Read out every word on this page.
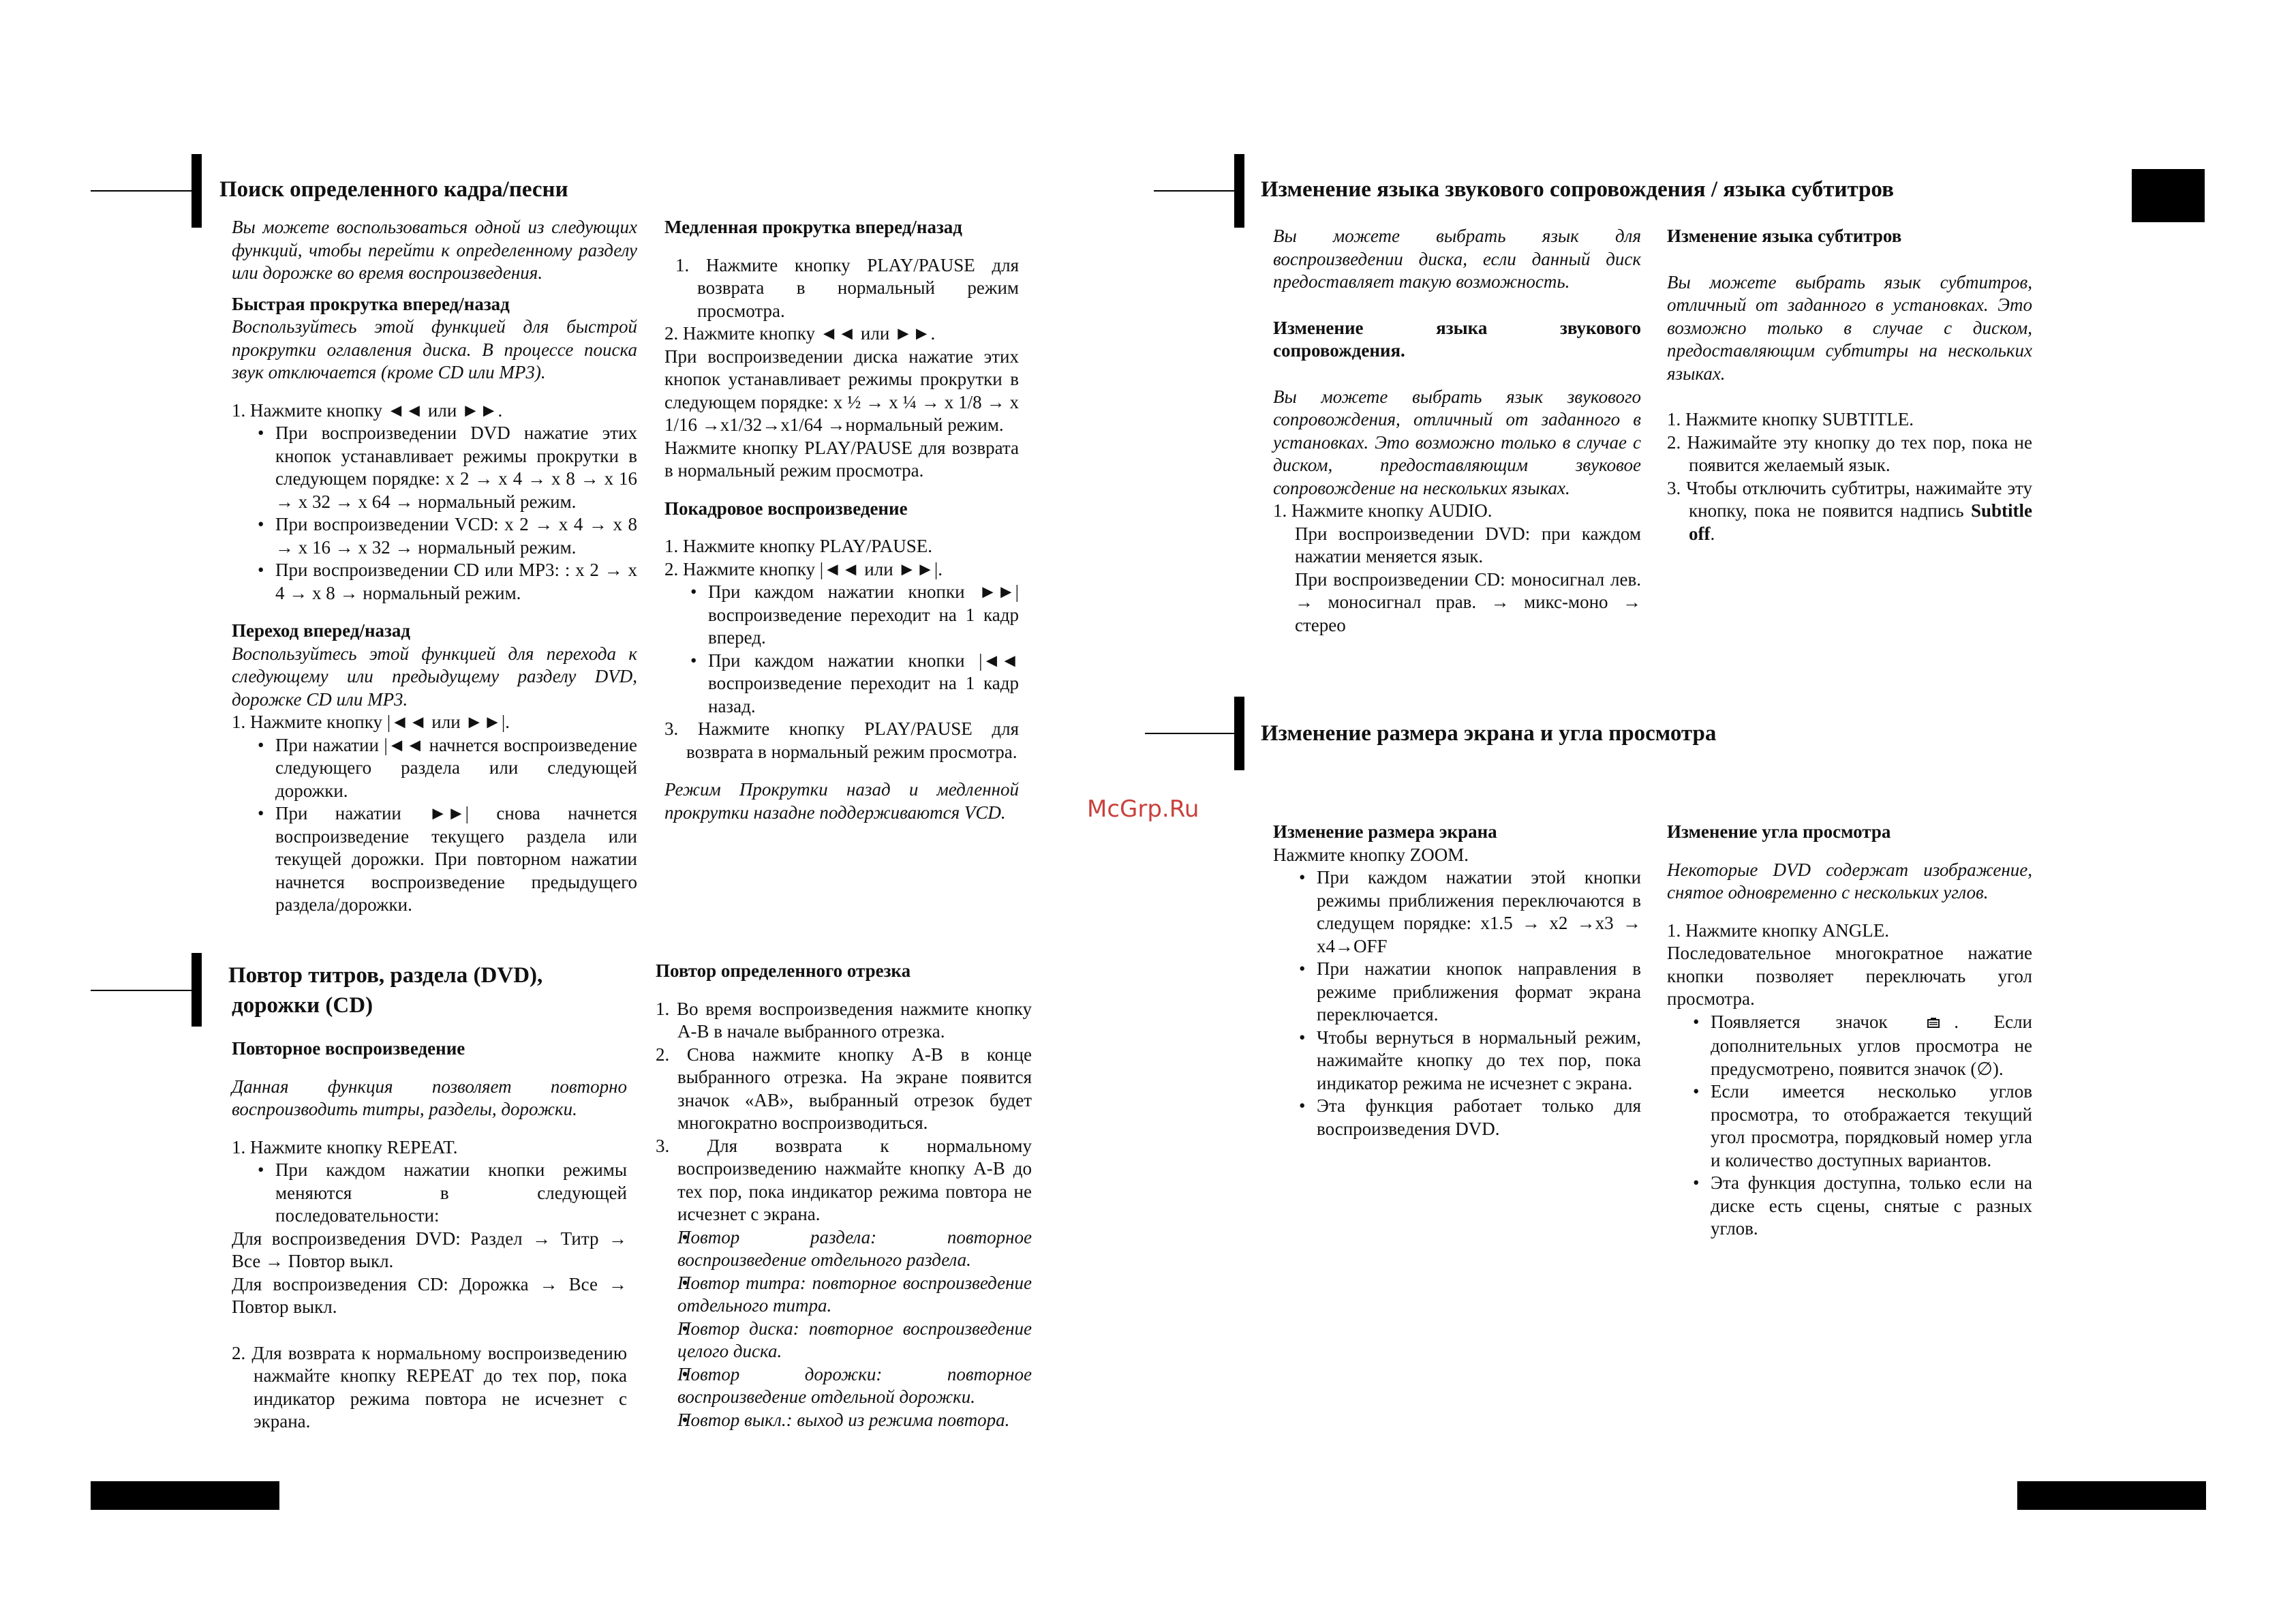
McGrp.Ru
Поиск определенного кадра/песни

Вы можете воспользоваться одной из следующих функций, чтобы перейти к определенному разделу или дорожке во время воспроизведения.

Быстрая прокрутка вперед/назад

Воспользуйтесь этой функцией для быстрой прокрутки оглавления диска. В процессе поиска звук отключается (кроме CD или MP3).

1. Нажмите кнопку ◄◄ или ►►.

• При воспроизведении DVD нажатие этих кнопок устанавливает режимы прокрутки в следующем порядке: x 2 → x 4 → x 8 → x 16 → x 32 → x 64 → нормальный режим.

• При воспроизведении VCD: x 2 → x 4 → x 8 → x 16 → x 32 → нормальный режим.

• При воспроизведении CD или MP3: : x 2 → x 4 → x 8 → нормальный режим.

Переход вперед/назад

Воспользуйтесь этой функцией для перехода к следующему или предыдущему разделу DVD, дорожке CD или MP3.

1. Нажмите кнопку |◄◄ или ►►|.

• При нажатии |◄◄ начнется воспроизведение следующего раздела или следующей дорожки.

• При нажатии ►►| снова начнется воспроизведение текущего раздела или текущей дорожки. При повторном нажатии начнется воспроизведение предыдущего раздела/дорожки.

Медленная прокрутка вперед/назад

1. Нажмите кнопку PLAY/PAUSE для возврата в нормальный режим просмотра.

2. Нажмите кнопку ◄◄ или ►►.

При воспроизведении диска нажатие этих кнопок устанавливает режимы прокрутки в следующем порядке: x ½ → x ¼ → x 1/8 → x 1/16 →x1/32→x1/64 →нормальный режим.

Нажмите кнопку PLAY/PAUSE для возврата в нормальный режим просмотра.

Покадровое воспроизведение

1. Нажмите кнопку PLAY/PAUSE.

2. Нажмите кнопку |◄◄ или ►►|.

• При каждом нажатии кнопки ►►| воспроизведение переходит на 1 кадр вперед.

• При каждом нажатии кнопки |◄◄ воспроизведение переходит на 1 кадр назад.

3. Нажмите кнопку PLAY/PAUSE для возврата в нормальный режим просмотра.

Режим Прокрутки назад и медленной прокрутки назадне поддерживаются VCD.

Повтор титров, раздела (DVD),
дорожки (CD)

Повторное воспроизведение

Данная функция позволяет повторно воспроизводить титры, разделы, дорожки.

1. Нажмите кнопку REPEAT.

• При каждом нажатии кнопки режимы меняются в следующей последовательности:

Для воспроизведения DVD: Раздел → Титр → Все → Повтор выкл.

Для воспроизведения CD: Дорожка → Все → Повтор выкл.

2. Для возврата к нормальному воспроизведению нажмайте кнопку REPEAT до тех пор, пока индикатор режима повтора не исчезнет с экрана.

Повтор определенного отрезка

1. Во время воспроизведения нажмите кнопку A-B в начале выбранного отрезка.

2. Снова нажмите кнопку A-B в конце выбранного отрезка. На экране появится значок «AB», выбранный отрезок будет многократно воспроизводиться.

3. Для возврата к нормальному воспроизведению нажмайте кнопку A-B до тех пор, пока индикатор режима повтора не исчезнет с экрана.

• Повтор раздела: повторное воспроизведение отдельного раздела.

• Повтор титра: повторное воспроизведение отдельного титра.

• Повтор диска: повторное воспроизведение целого диска.

• Повтор дорожки: повторное воспроизведение отдельной дорожки.

• Повтор выкл.: выход из режима повтора.

Изменение языка звукового сопровождения / языка субтитров

Вы можете выбрать язык для воспроизведении диска, если данный диск предоставляет такую возможность.

Изменение языка звукового сопровождения.

Вы можете выбрать язык звукового сопровождения, отличный от заданного в установках. Это возможно только в случае с диском, предоставляющим звуковое сопровождение на нескольких языках.

1. Нажмите кнопку AUDIO.

При воспроизведении DVD: при каждом нажатии меняется язык.

При воспроизведении CD: моносигнал лев. → моносигнал прав. → микс-моно → стерео

Изменение языка субтитров

Вы можете выбрать язык субтитров, отличный от заданного в установках. Это возможно только в случае с диском, предоставляющим субтитры на нескольких языках.

1. Нажмите кнопку SUBTITLE.

2. Нажимайте эту кнопку до тех пор, пока не появится желаемый язык.

3. Чтобы отключить субтитры, нажимайте эту кнопку, пока не появится надпись Subtitle off.

Изменение размера экрана и угла просмотра

Изменение размера экрана

Нажмите кнопку ZOOM.

• При каждом нажатии этой кнопки режимы приближения переключаются в следущем порядке: x1.5 → x2 →x3 → x4→OFF

• При нажатии кнопок направления в режиме приближения формат экрана переключается.

• Чтобы вернуться в нормальный режим, нажимайте кнопку до тех пор, пока индикатор режима не исчезнет с экрана.

• Эта функция работает только для воспроизведения DVD.

Изменение угла просмотра

Некоторые DVD содержат изображение, снятое одновременно с нескольких углов.

1. Нажмите кнопку ANGLE.

Последовательное многократное нажатие кнопки позволяет переключать угол просмотра.

• Появляется значок	. Если дополнительных углов просмотра не предусмотрено, появится значок (∅).

• Если имеется несколько углов просмотра, то отображается текущий угол просмотра, порядковый номер угла и количество доступных вариантов.

• Эта функция доступна, только если на диске есть сцены, снятые с разных углов.
